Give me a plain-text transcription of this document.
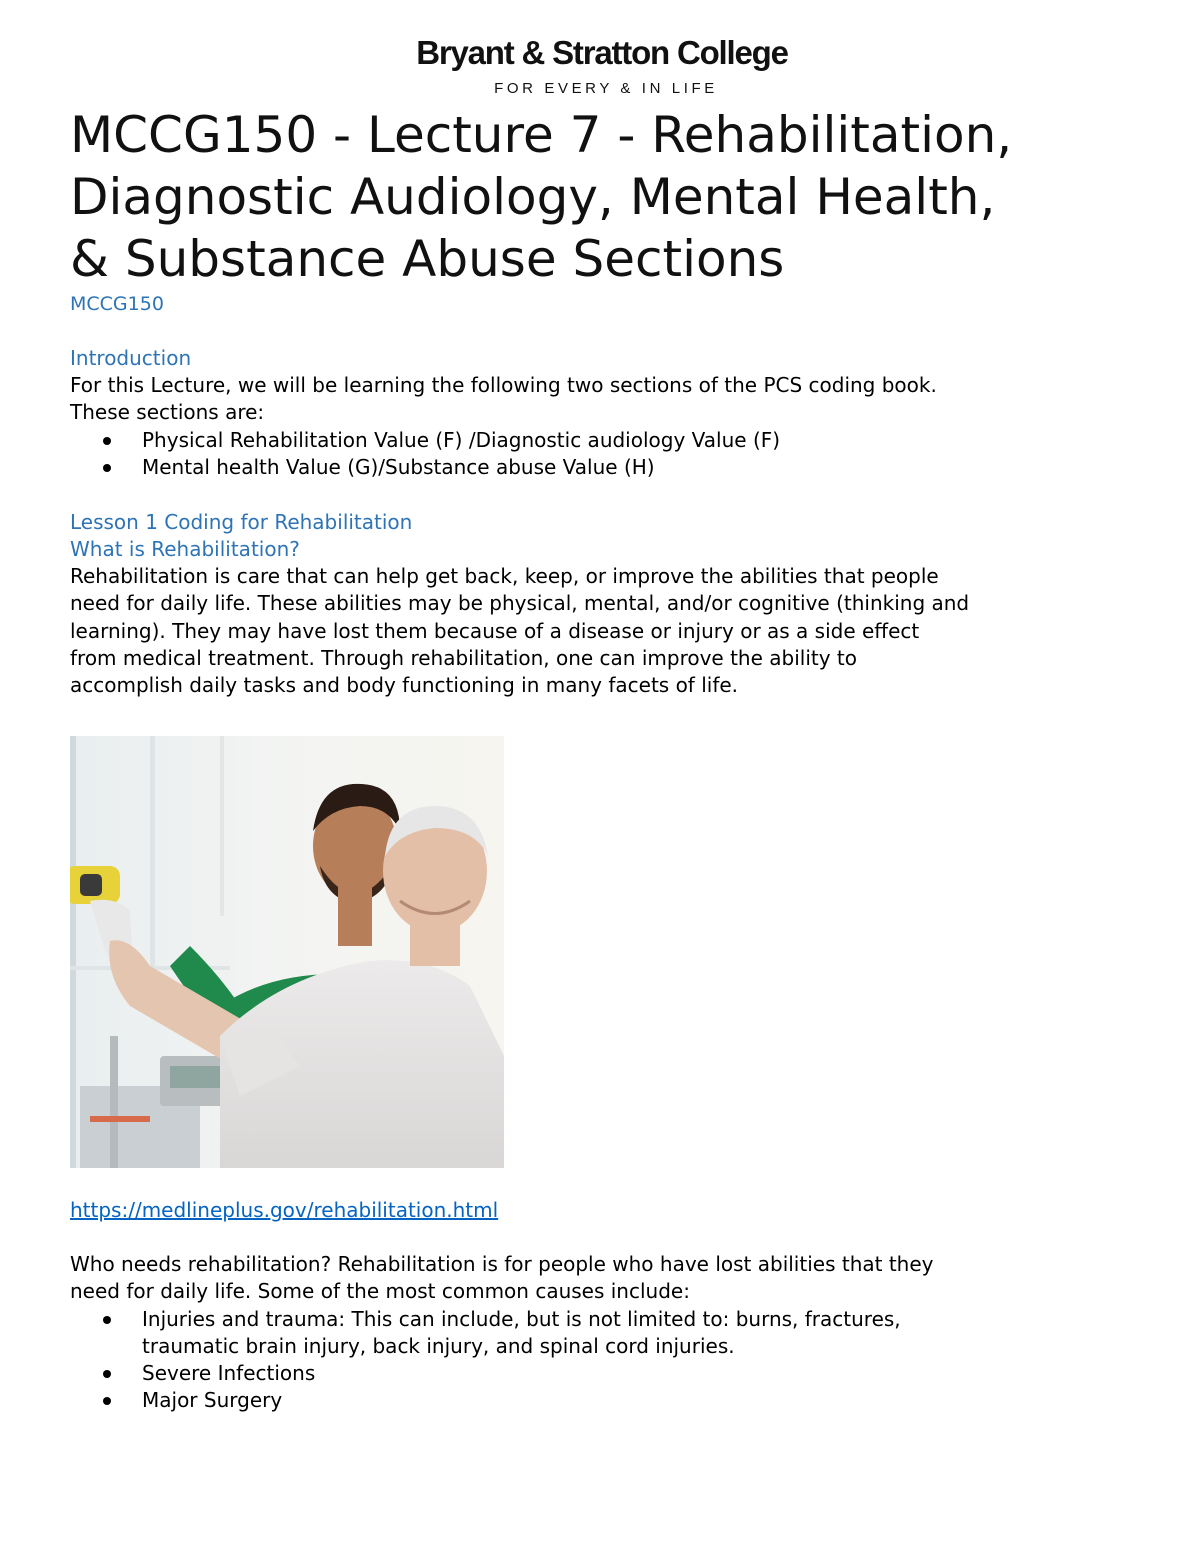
Bryant & Stratton College
FOR EVERY & IN LIFE
MCCG150 - Lecture 7 - Rehabilitation,
Diagnostic Audiology, Mental Health,
& Substance Abuse Sections
MCCG150
Introduction
For this Lecture, we will be learning the following two sections of the PCS coding book.
These sections are:
Physical Rehabilitation Value (F) /Diagnostic audiology Value (F)
Mental health Value (G)/Substance abuse Value (H)
Lesson 1 Coding for Rehabilitation
What is Rehabilitation?
Rehabilitation is care that can help get back, keep, or improve the abilities that people
need for daily life. These abilities may be physical, mental, and/or cognitive (thinking and
learning). They may have lost them because of a disease or injury or as a side effect
from medical treatment. Through rehabilitation, one can improve the ability to
accomplish daily tasks and body functioning in many facets of life.
https://medlineplus.gov/rehabilitation.html
Who needs rehabilitation? Rehabilitation is for people who have lost abilities that they
need for daily life. Some of the most common causes include:
Injuries and trauma: This can include, but is not limited to: burns, fractures,
traumatic brain injury, back injury, and spinal cord injuries.
Severe Infections
Major Surgery
